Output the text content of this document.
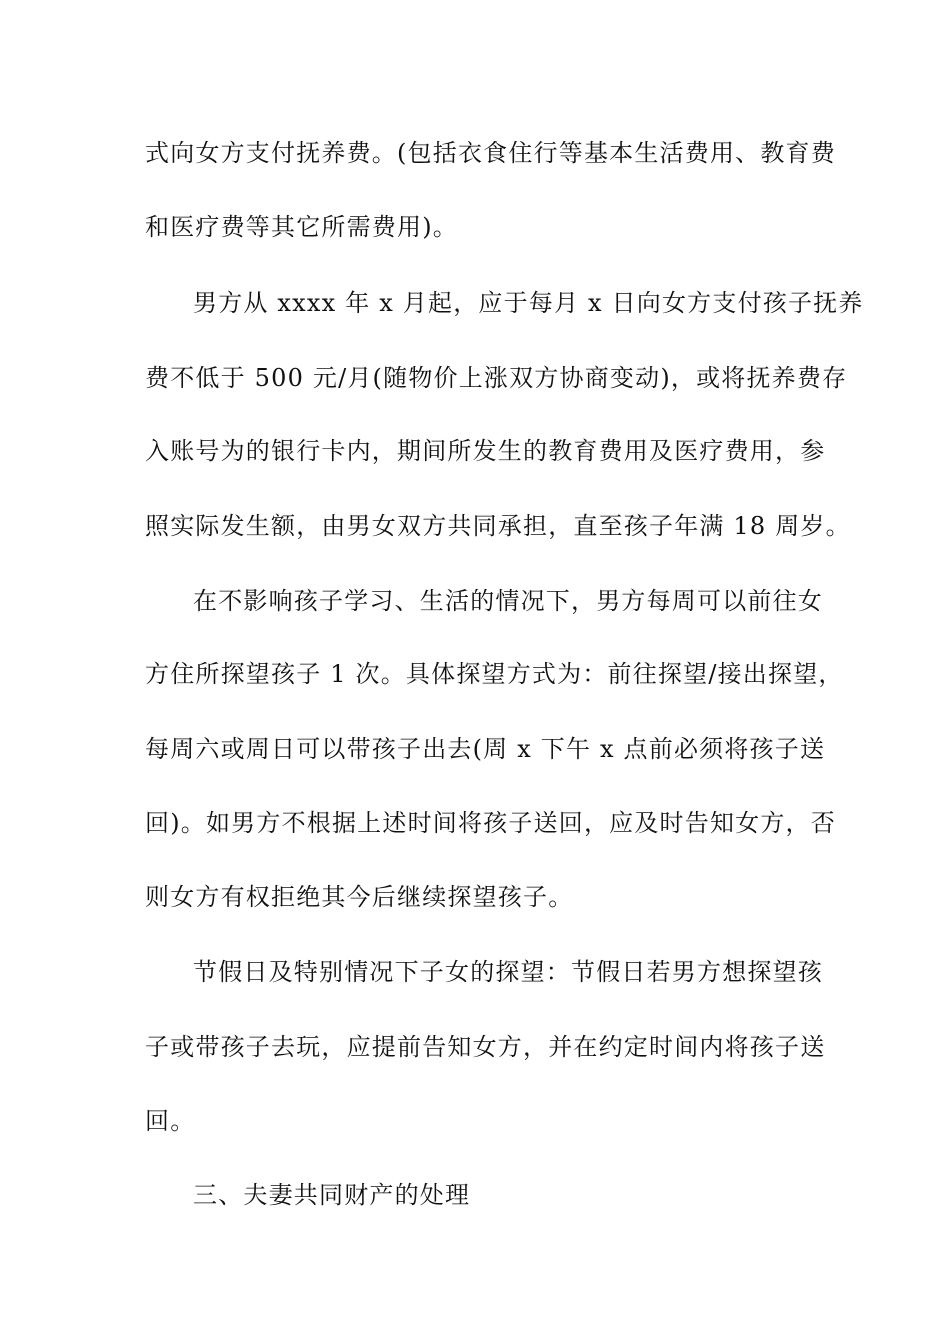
式向女方支付抚养费。(包括衣食住行等基本生活费用、教育费
和医疗费等其它所需费用)。
男方从 xxxx 年 x 月起，应于每月 x 日向女方支付孩子抚养
费不低于 500 元/月(随物价上涨双方协商变动)，或将抚养费存
入账号为的银行卡内，期间所发生的教育费用及医疗费用，参
照实际发生额，由男女双方共同承担，直至孩子年满 18 周岁。
在不影响孩子学习、生活的情况下，男方每周可以前往女
方住所探望孩子 1 次。具体探望方式为：前往探望/接出探望，
每周六或周日可以带孩子出去(周 x 下午 x 点前必须将孩子送
回)。如男方不根据上述时间将孩子送回，应及时告知女方，否
则女方有权拒绝其今后继续探望孩子。
节假日及特别情况下子女的探望：节假日若男方想探望孩
子或带孩子去玩，应提前告知女方，并在约定时间内将孩子送
回。
三、夫妻共同财产的处理
